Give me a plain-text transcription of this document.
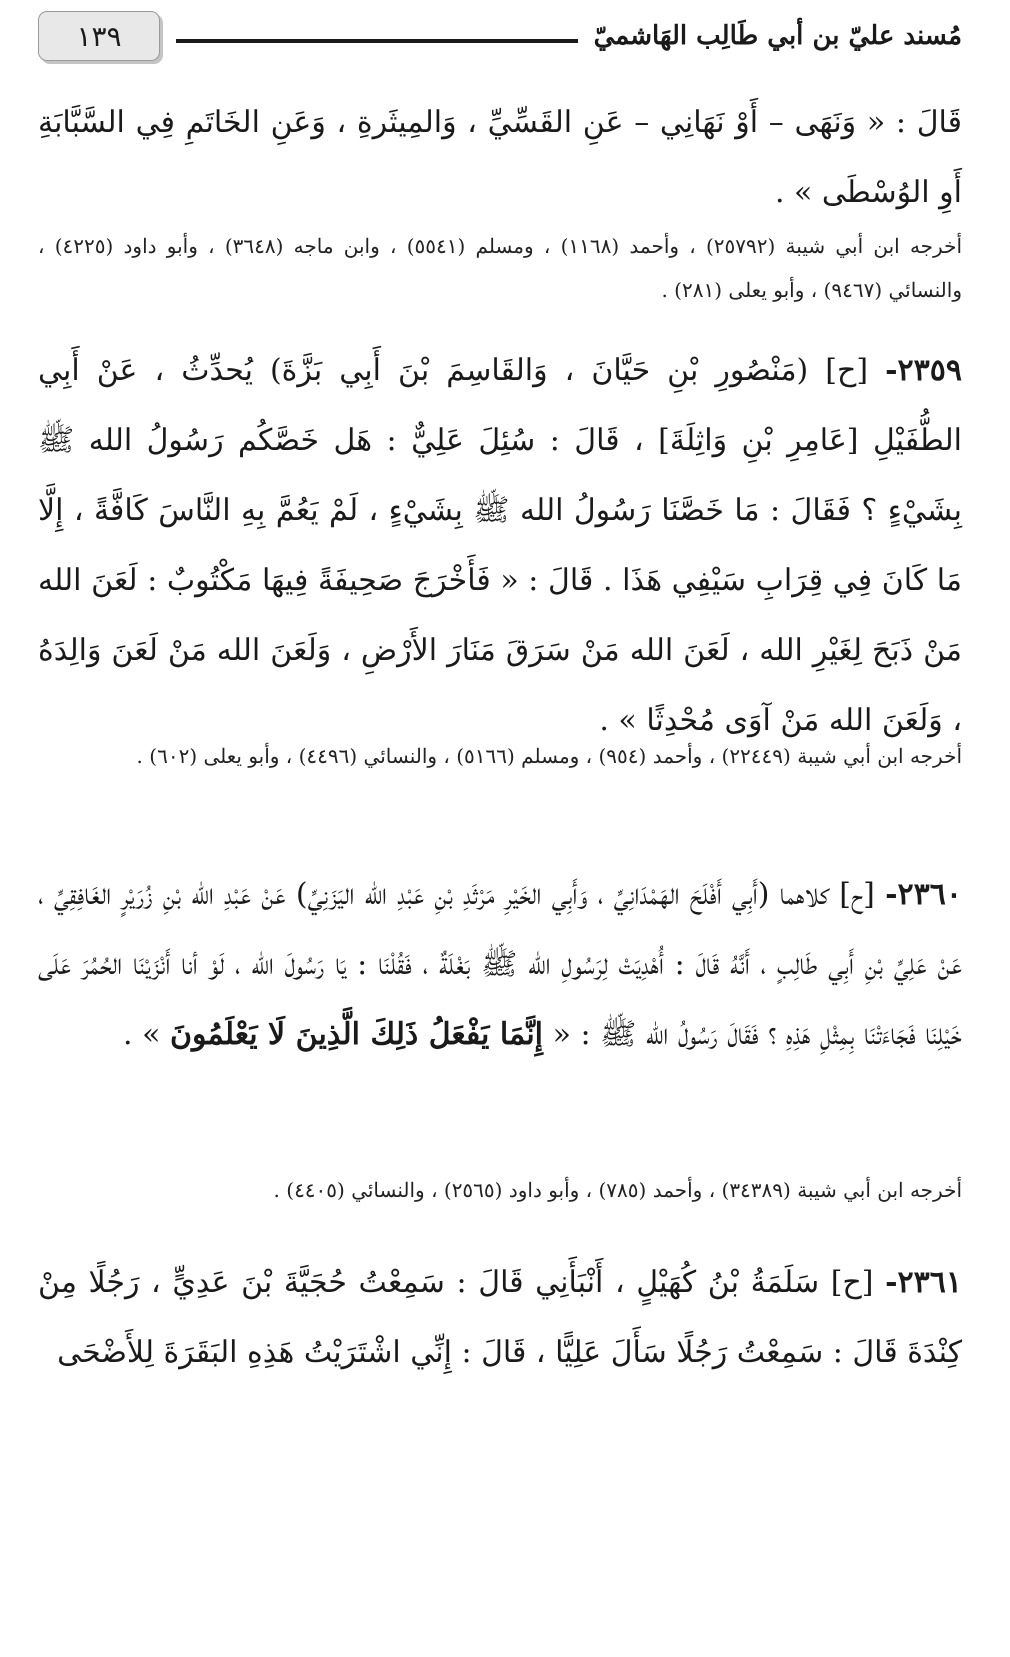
مُسند عليّ بن أبي طَالِب الهَاشميّ
١٣٩

قَالَ : « وَنَهَى – أَوْ نَهَانِي – عَنِ القَسِّيِّ ، وَالمِيثَرةِ ، وَعَنِ الخَاتَمِ فِي السَّبَّابَةِ أَوِ الوُسْطَى » .

أخرجه ابن أبي شيبة (٢٥٧٩٢) ، وأحمد (١١٦٨) ، ومسلم (٥٥٤١) ، وابن ماجه (٣٦٤٨) ، وأبو داود (٤٢٢٥) ، والنسائي (٩٤٦٧) ، وأبو يعلى (٢٨١) .

٢٣٥٩- [ح] (مَنْصُورِ بْنِ حَيَّانَ ، وَالقَاسِمَ بْنَ أَبِي بَزَّةَ) يُحدِّثُ ، عَنْ أَبِي الطُّفَيْلِ [عَامِرِ بْنِ وَاثِلَةَ] ، قَالَ : سُئِلَ عَلِيٌّ : هَل خَصَّكُم رَسُولُ الله ﷺ بِشَيْءٍ ؟ فَقَالَ : مَا خَصَّنَا رَسُولُ الله ﷺ بِشَيْءٍ ، لَمْ يَعُمَّ بِهِ النَّاسَ كَافَّةً ، إِلَّا مَا كَانَ فِي قِرَابِ سَيْفِي هَذَا . قَالَ : « فَأَخْرَجَ صَحِيفَةً فِيهَا مَكْتُوبٌ : لَعَنَ الله مَنْ ذَبَحَ لِغَيْرِ الله ، لَعَنَ الله مَنْ سَرَقَ مَنَارَ الأَرْضِ ، وَلَعَنَ الله مَنْ لَعَنَ وَالِدَهُ ، وَلَعَنَ الله مَنْ آوَى مُحْدِثًا » .

أخرجه ابن أبي شيبة (٢٢٤٤٩) ، وأحمد (٩٥٤) ، ومسلم (٥١٦٦) ، والنسائي (٤٤٩٦) ، وأبو يعلى (٦٠٢) .

٢٣٦٠- [ح] كلاهما (أَبِي أَفْلَحَ الهَمْدَانِيِّ ، وَأَبِي الخَيْرِ مَرْثَدِ بْنِ عَبْدِ الله اليَزَنِيِّ) عَنْ عَبْدِ الله بْنِ زُرَيْرٍ الغَافِقِيِّ ، عَنْ عَلِيِّ بْنِ أَبِي طَالِبٍ ، أَنَّهُ قَالَ : أُهْدِيَتْ لِرَسُولِ الله ﷺ بَغْلَةٌ ، فَقُلْنَا : يَا رَسُولَ الله ، لَوْ أنا أَنْزَيْنَا الحُمُرَ عَلَى خَيْلِنَا فَجَاءَتْنَا بِمِثْلِ هَذِهِ ؟ فَقَالَ رَسُولُ الله ﷺ : « إِنَّمَا يَفْعَلُ ذَلِكَ الَّذِينَ لَا يَعْلَمُونَ » .

أخرجه ابن أبي شيبة (٣٤٣٨٩) ، وأحمد (٧٨٥) ، وأبو داود (٢٥٦٥) ، والنسائي (٤٤٠٥) .

٢٣٦١- [ح] سَلَمَةُ بْنُ كُهَيْلٍ ، أَنْبَأَنِي قَالَ : سَمِعْتُ حُجَيَّةَ بْنَ عَدِيٍّ ، رَجُلًا مِنْ كِنْدَةَ قَالَ : سَمِعْتُ رَجُلًا سَأَلَ عَلِيًّا ، قَالَ : إِنِّي اشْتَرَيْتُ هَذِهِ البَقَرَةَ لِلأَضْحَى
